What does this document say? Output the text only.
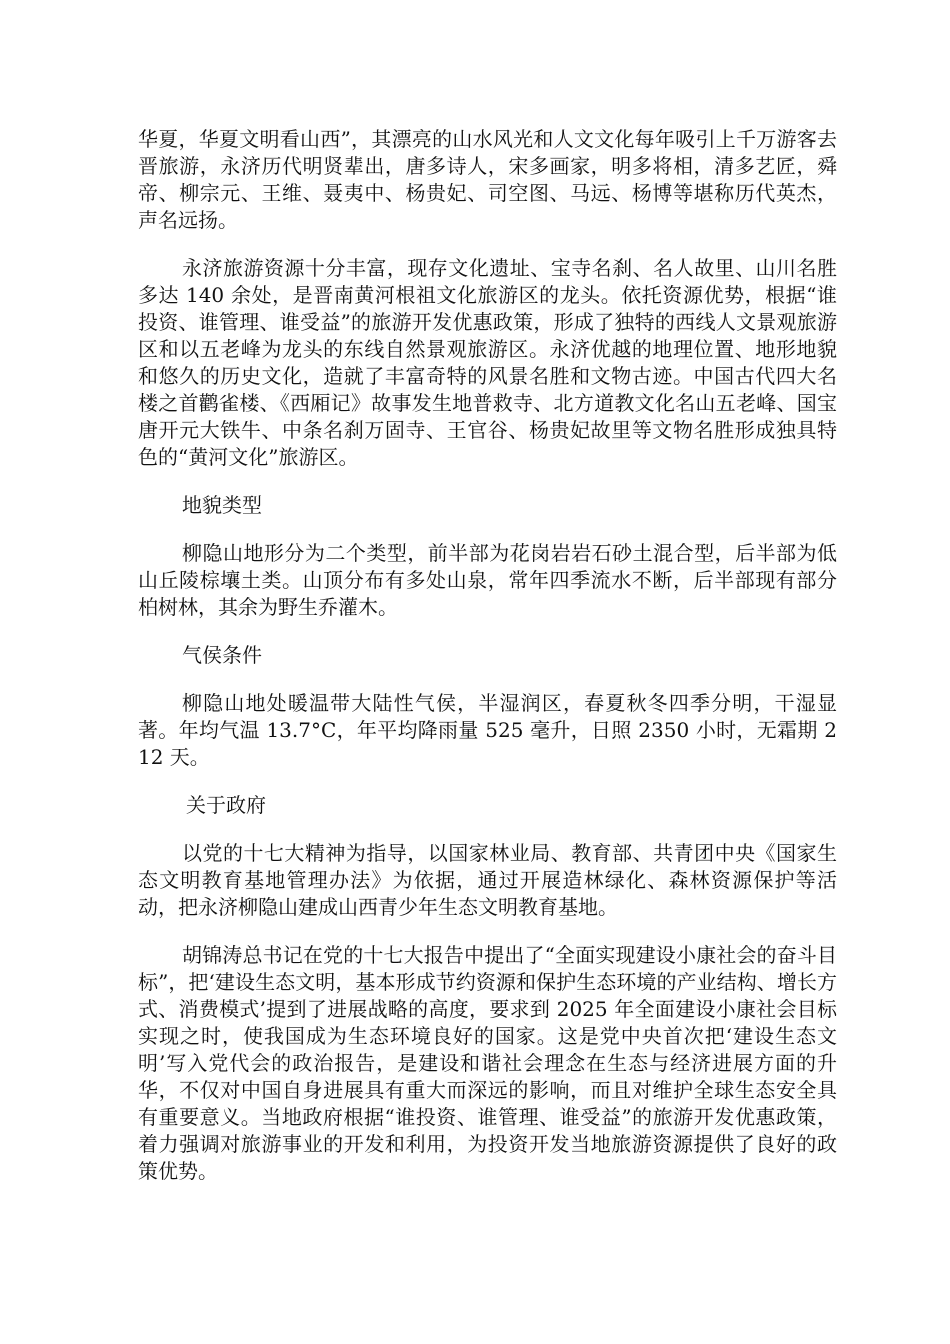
华夏，华夏文明看山西”，其漂亮的山水风光和人文文化每年吸引上千万游客去晋旅游，永济历代明贤辈出，唐多诗人，宋多画家，明多将相，清多艺匠，舜帝、柳宗元、王维、聂夷中、杨贵妃、司空图、马远、杨博等堪称历代英杰，声名远扬。

永济旅游资源十分丰富，现存文化遗址、宝寺名刹、名人故里、山川名胜多达 140 余处，是晋南黄河根祖文化旅游区的龙头。依托资源优势，根据“谁投资、谁管理、谁受益”的旅游开发优惠政策，形成了独特的西线人文景观旅游区和以五老峰为龙头的东线自然景观旅游区。永济优越的地理位置、地形地貌和悠久的历史文化，造就了丰富奇特的风景名胜和文物古迹。中国古代四大名楼之首鹳雀楼、《西厢记》故事发生地普救寺、北方道教文化名山五老峰、国宝唐开元大铁牛、中条名刹万固寺、王官谷、杨贵妃故里等文物名胜形成独具特色的“黄河文化”旅游区。

地貌类型

柳隐山地形分为二个类型，前半部为花岗岩岩石砂土混合型，后半部为低山丘陵棕壤土类。山顶分布有多处山泉，常年四季流水不断，后半部现有部分柏树林，其余为野生乔灌木。

气侯条件

柳隐山地处暖温带大陆性气侯，半湿润区，春夏秋冬四季分明，干湿显著。年均气温 13.7°C，年平均降雨量 525 毫升，日照 2350 小时，无霜期 212 天。

关于政府

以党的十七大精神为指导，以国家林业局、教育部、共青团中央《国家生态文明教育基地管理办法》为依据，通过开展造林绿化、森林资源保护等活动，把永济柳隐山建成山西青少年生态文明教育基地。

胡锦涛总书记在党的十七大报告中提出了“全面实现建设小康社会的奋斗目标”，把‘建设生态文明，基本形成节约资源和保护生态环境的产业结构、增长方式、消费模式’提到了进展战略的高度，要求到 2025 年全面建设小康社会目标实现之时，使我国成为生态环境良好的国家。这是党中央首次把‘建设生态文明’写入党代会的政治报告，是建设和谐社会理念在生态与经济进展方面的升华，不仅对中国自身进展具有重大而深远的影响，而且对维护全球生态安全具有重要意义。当地政府根据“谁投资、谁管理、谁受益”的旅游开发优惠政策，着力强调对旅游事业的开发和利用，为投资开发当地旅游资源提供了良好的政策优势。
